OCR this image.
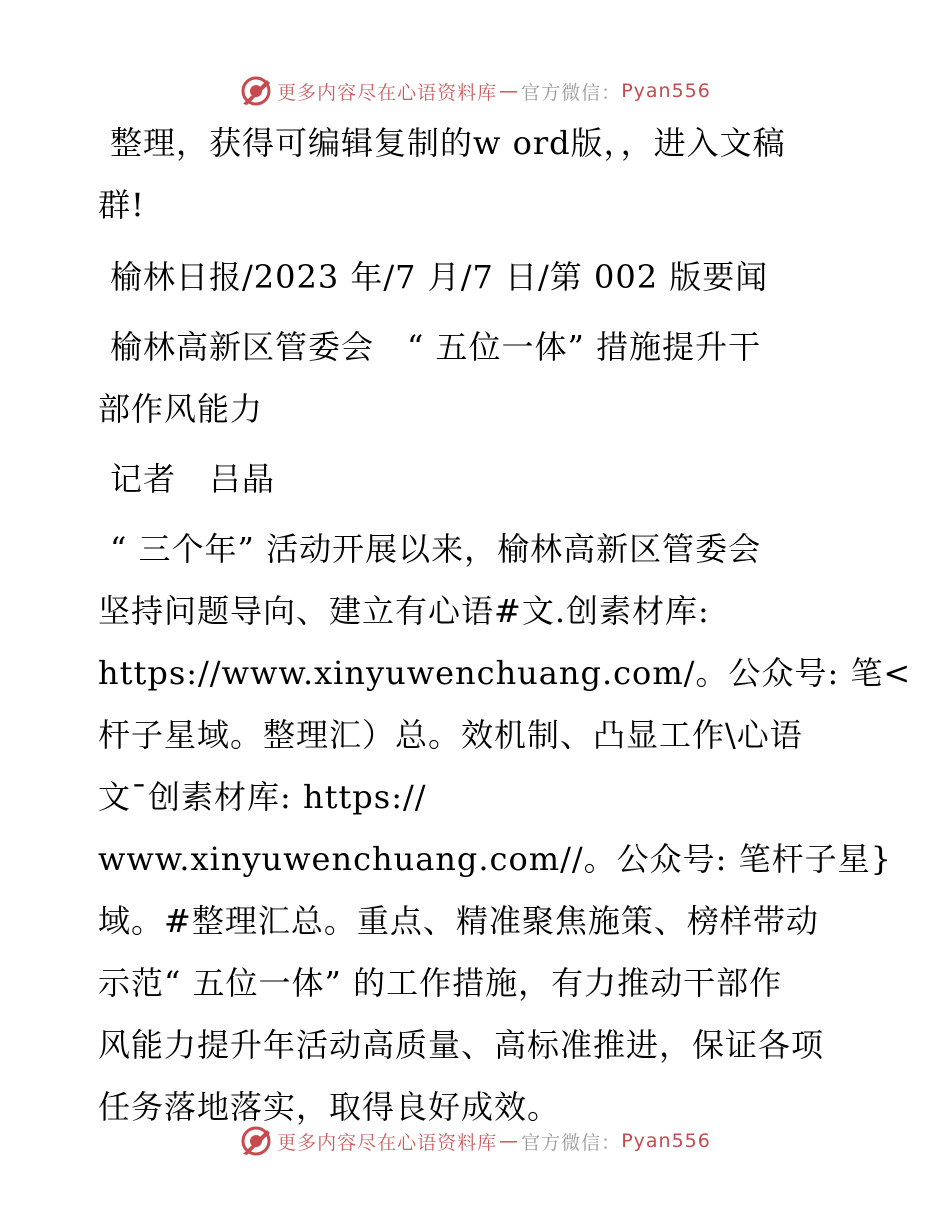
更多内容尽在心语资料库 — 官方微信： Pyan556
整理，获得可编辑复制的w ord版，，进入文稿
群!
榆林日报/2023 年/7 月/7 日/第 002 版要闻
榆林高新区管委会　“ 五位一体” 措施提升干
部作风能力
记者　吕晶
“ 三个年” 活动开展以来，榆林高新区管委会
坚持问题导向、建立有心语#文.创素材库:
https://www.xinyuwenchuang.com/。公众号: 笔<
杆子星域。整理汇）总。效机制、凸显工作\心语
文¯创素材库: https://
www.xinyuwenchuang.com//。公众号: 笔杆子星}
域。#整理汇总。重点、精准聚焦施策、榜样带动
示范“ 五位一体” 的工作措施，有力推动干部作
风能力提升年活动高质量、高标准推进，保证各项
任务落地落实，取得良好成效。
更多内容尽在心语资料库 — 官方微信： Pyan556
